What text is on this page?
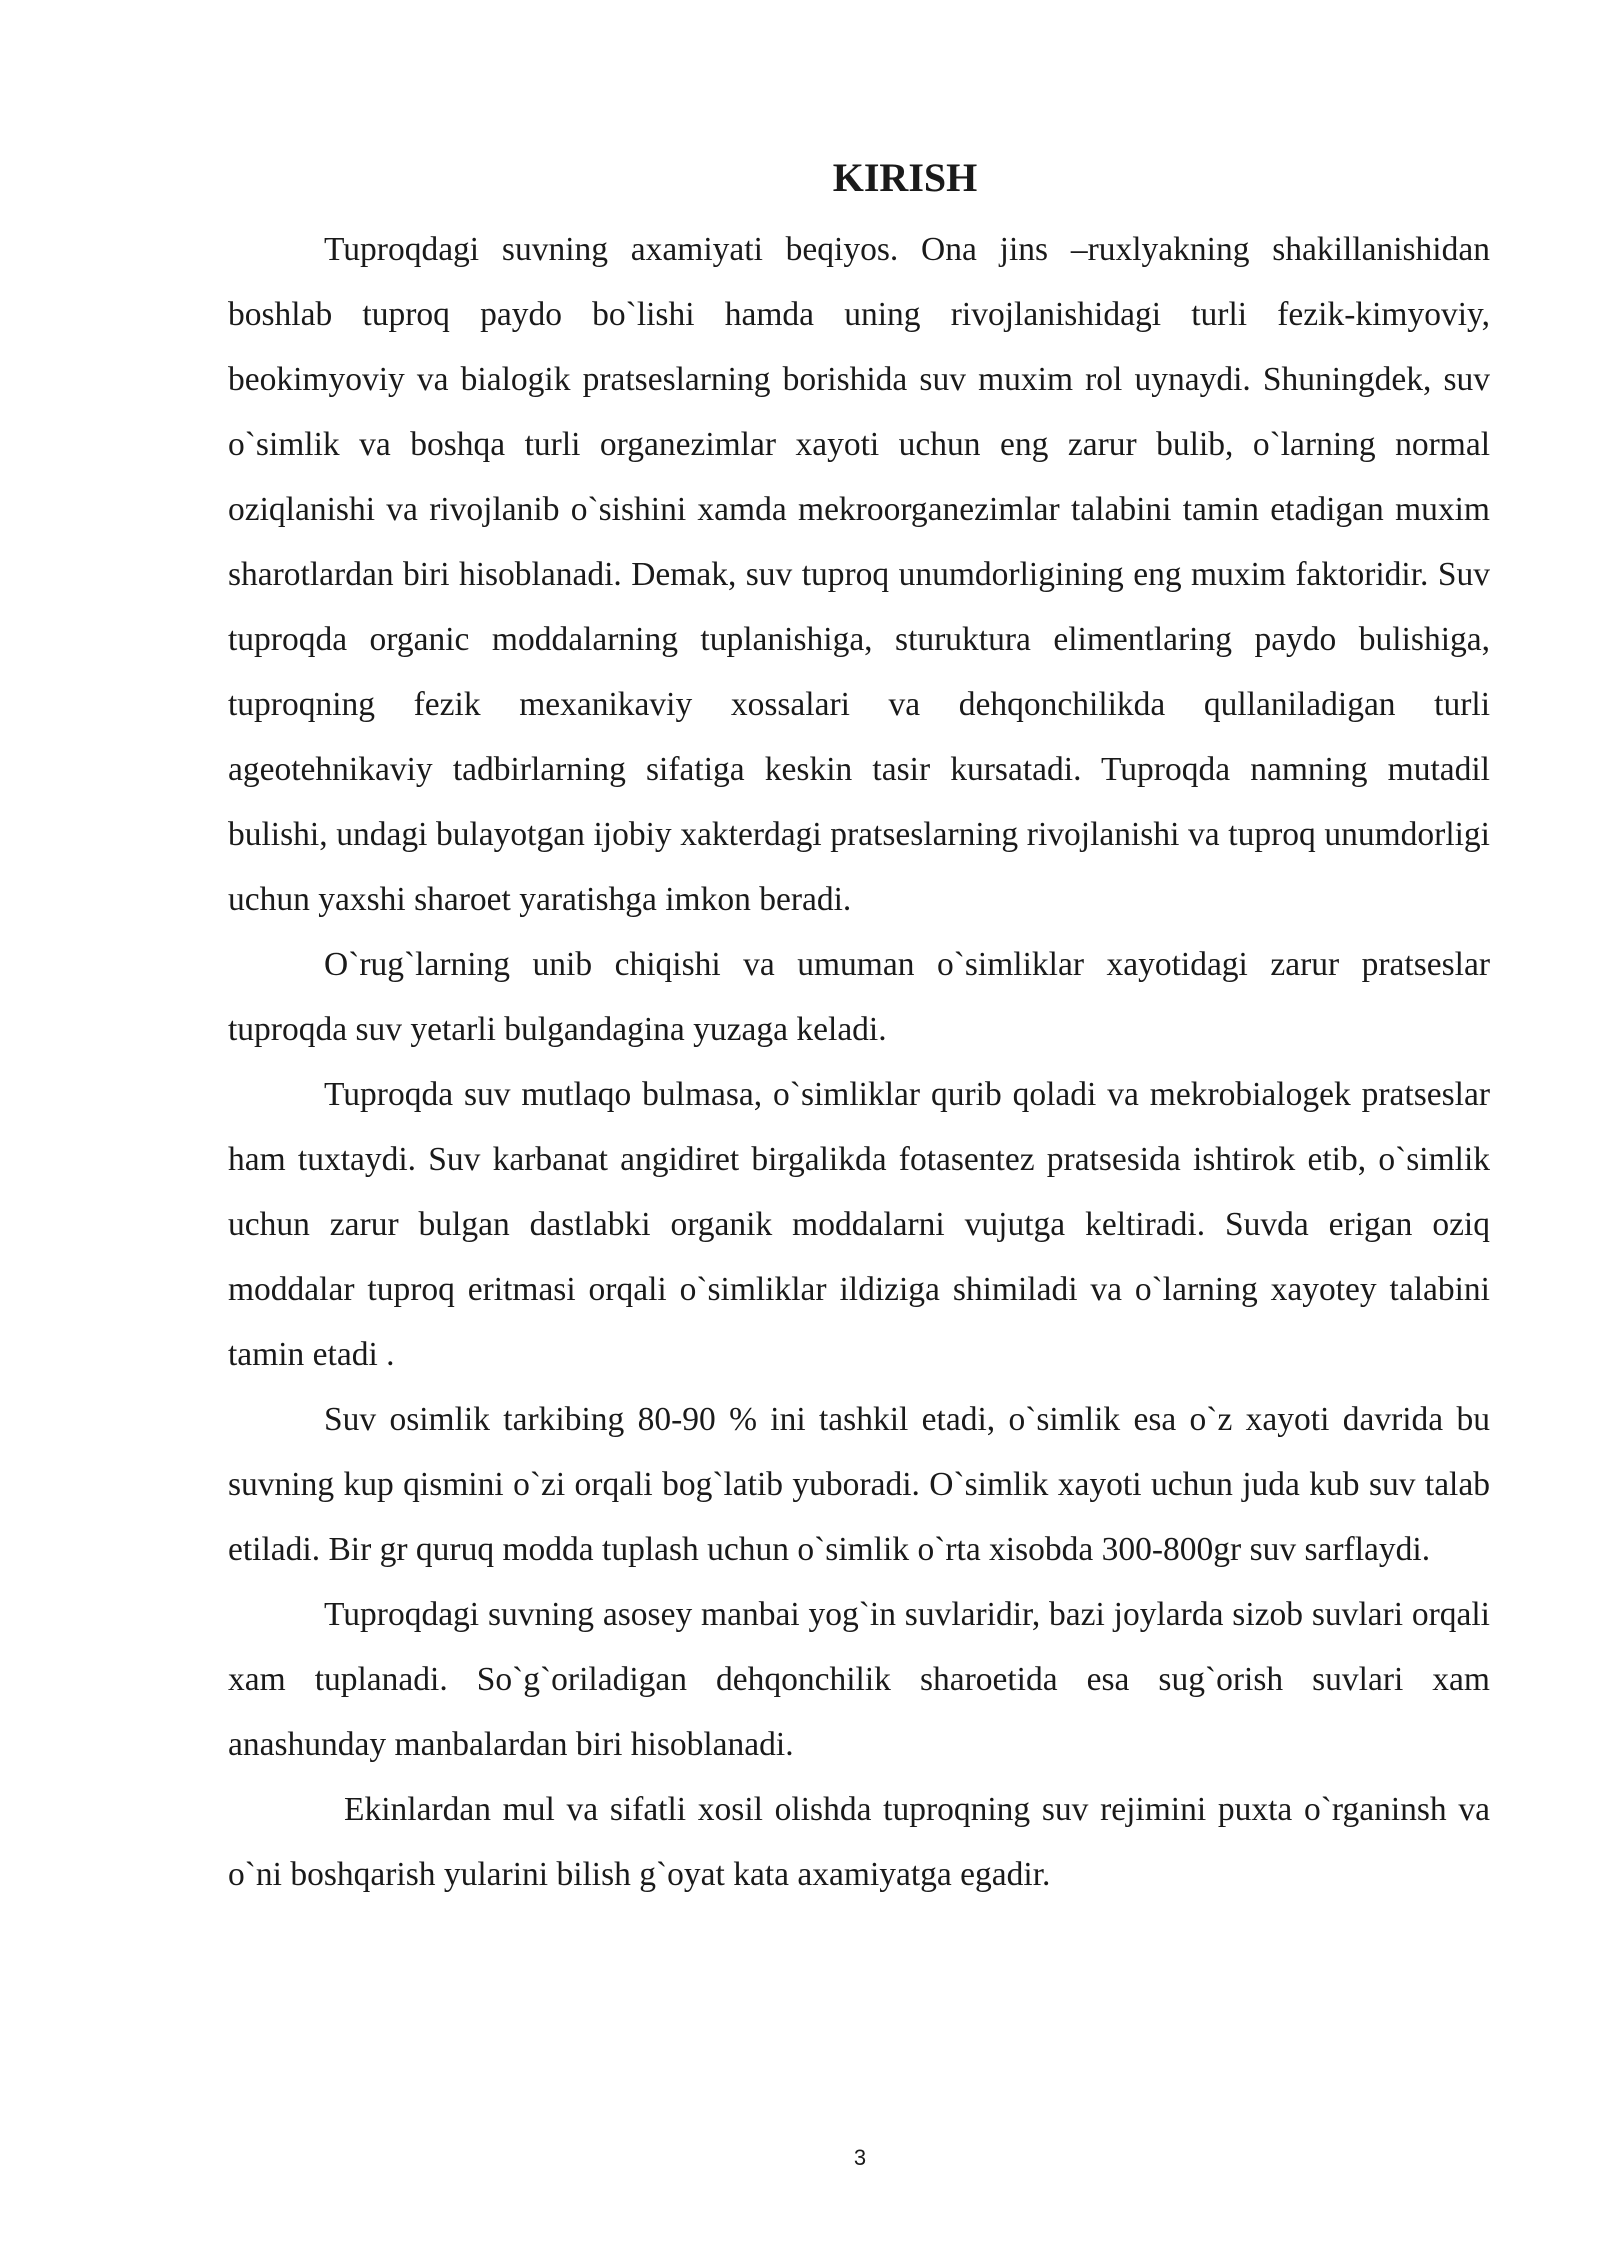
KIRISH

Tuproqdagi suvning axamiyati beqiyos. Ona jins –ruxlyakning shakillanishidan boshlab tuproq paydo bo`lishi hamda uning rivojlanishidagi turli fezik-kimyoviy, beokimyoviy va bialogik pratseslarning borishida suv muxim rol uynaydi. Shuningdek, suv o`simlik va boshqa turli organezimlar xayoti uchun eng zarur bulib, o`larning normal oziqlanishi va rivojlanib o`sishini xamda mekroorganezimlar talabini tamin etadigan muxim sharotlardan biri hisoblanadi. Demak, suv tuproq unumdorligining eng muxim faktoridir. Suv tuproqda organic moddalarning tuplanishiga, sturuktura elimentlaring paydo bulishiga, tuproqning fezik mexanikaviy xossalari va dehqonchilikda qullaniladigan turli ageotehnikaviy tadbirlarning sifatiga keskin tasir kursatadi. Tuproqda namning mutadil bulishi, undagi bulayotgan ijobiy xakterdagi pratseslarning rivojlanishi va tuproq unumdorligi uchun yaxshi sharoet yaratishga imkon beradi.

O`rug`larning unib chiqishi va umuman o`simliklar xayotidagi zarur pratseslar tuproqda suv yetarli bulgandagina yuzaga keladi.

Tuproqda suv mutlaqo bulmasa, o`simliklar qurib qoladi va mekrobialogek pratseslar ham tuxtaydi. Suv karbanat angidiret birgalikda fotasentez pratsesida ishtirok etib, o`simlik uchun zarur bulgan dastlabki organik moddalarni vujutga keltiradi. Suvda erigan oziq moddalar tuproq eritmasi orqali o`simliklar ildiziga shimiladi va o`larning xayotey talabini tamin etadi .

Suv osimlik tarkibing 80-90 % ini tashkil etadi, o`simlik esa o`z xayoti davrida bu suvning kup qismini o`zi orqali bog`latib yuboradi. O`simlik xayoti uchun juda kub suv talab etiladi. Bir gr quruq modda tuplash uchun o`simlik o`rta xisobda 300-800gr suv sarflaydi.

Tuproqdagi suvning asosey manbai yog`in suvlaridir, bazi joylarda sizob suvlari orqali xam tuplanadi. So`g`oriladigan dehqonchilik sharoetida esa sug`orish suvlari xam anashunday manbalardan biri hisoblanadi.

Ekinlardan mul va sifatli xosil olishda tuproqning suv rejimini puxta o`rganinsh va o`ni boshqarish yularini bilish g`oyat kata axamiyatga egadir.

3
